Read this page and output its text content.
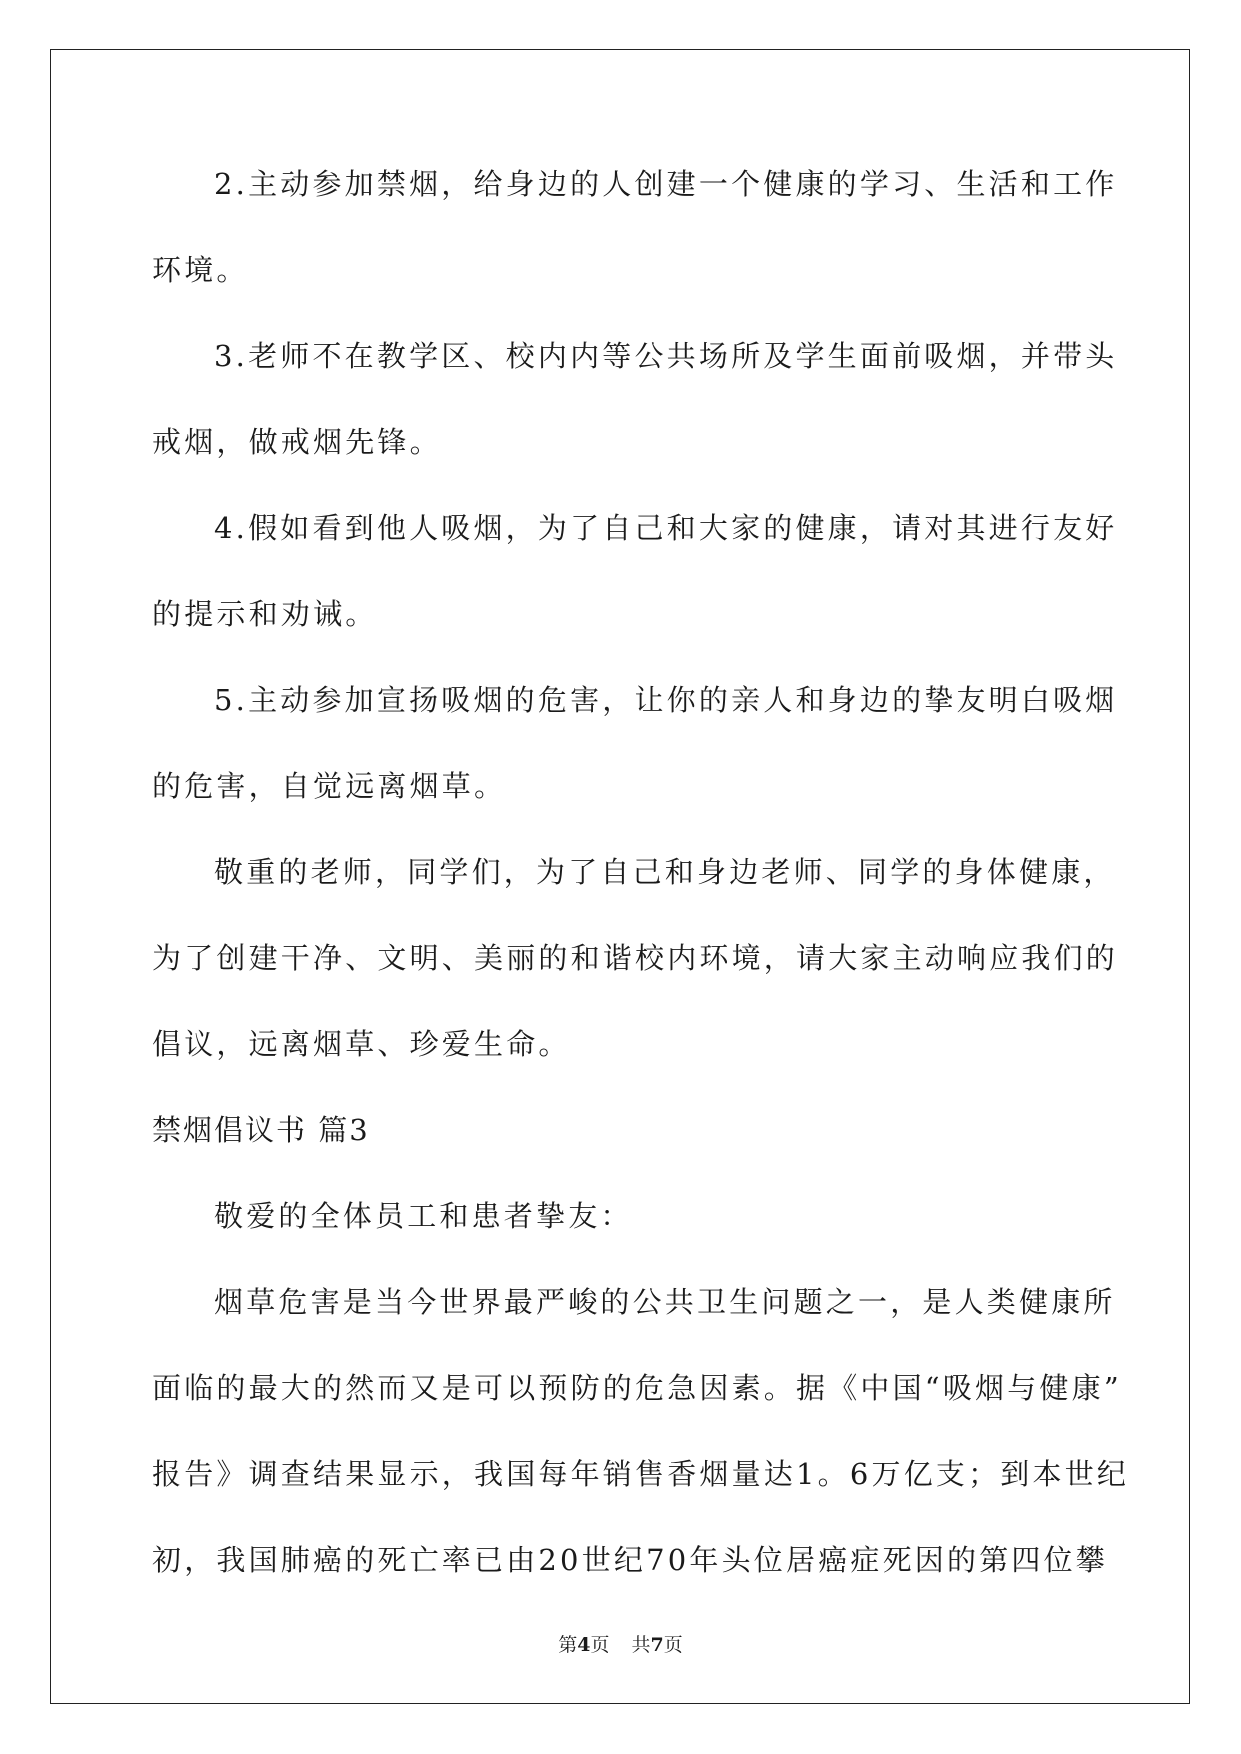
2.主动参加禁烟，给身边的人创建一个健康的学习、生活和工作
环境。
3.老师不在教学区、校内内等公共场所及学生面前吸烟，并带头
戒烟，做戒烟先锋。
4.假如看到他人吸烟，为了自己和大家的健康，请对其进行友好
的提示和劝诫。
5.主动参加宣扬吸烟的危害，让你的亲人和身边的挚友明白吸烟
的危害，自觉远离烟草。
敬重的老师，同学们，为了自己和身边老师、同学的身体健康，
为了创建干净、文明、美丽的和谐校内环境，请大家主动响应我们的
倡议，远离烟草、珍爱生命。
禁烟倡议书 篇3
敬爱的全体员工和患者挚友：
烟草危害是当今世界最严峻的公共卫生问题之一，是人类健康所
面临的最大的然而又是可以预防的危急因素。据《中国“吸烟与健康”
报告》调查结果显示，我国每年销售香烟量达1。6万亿支；到本世纪
初，我国肺癌的死亡率已由20世纪70年头位居癌症死因的第四位攀
第4页 共7页
